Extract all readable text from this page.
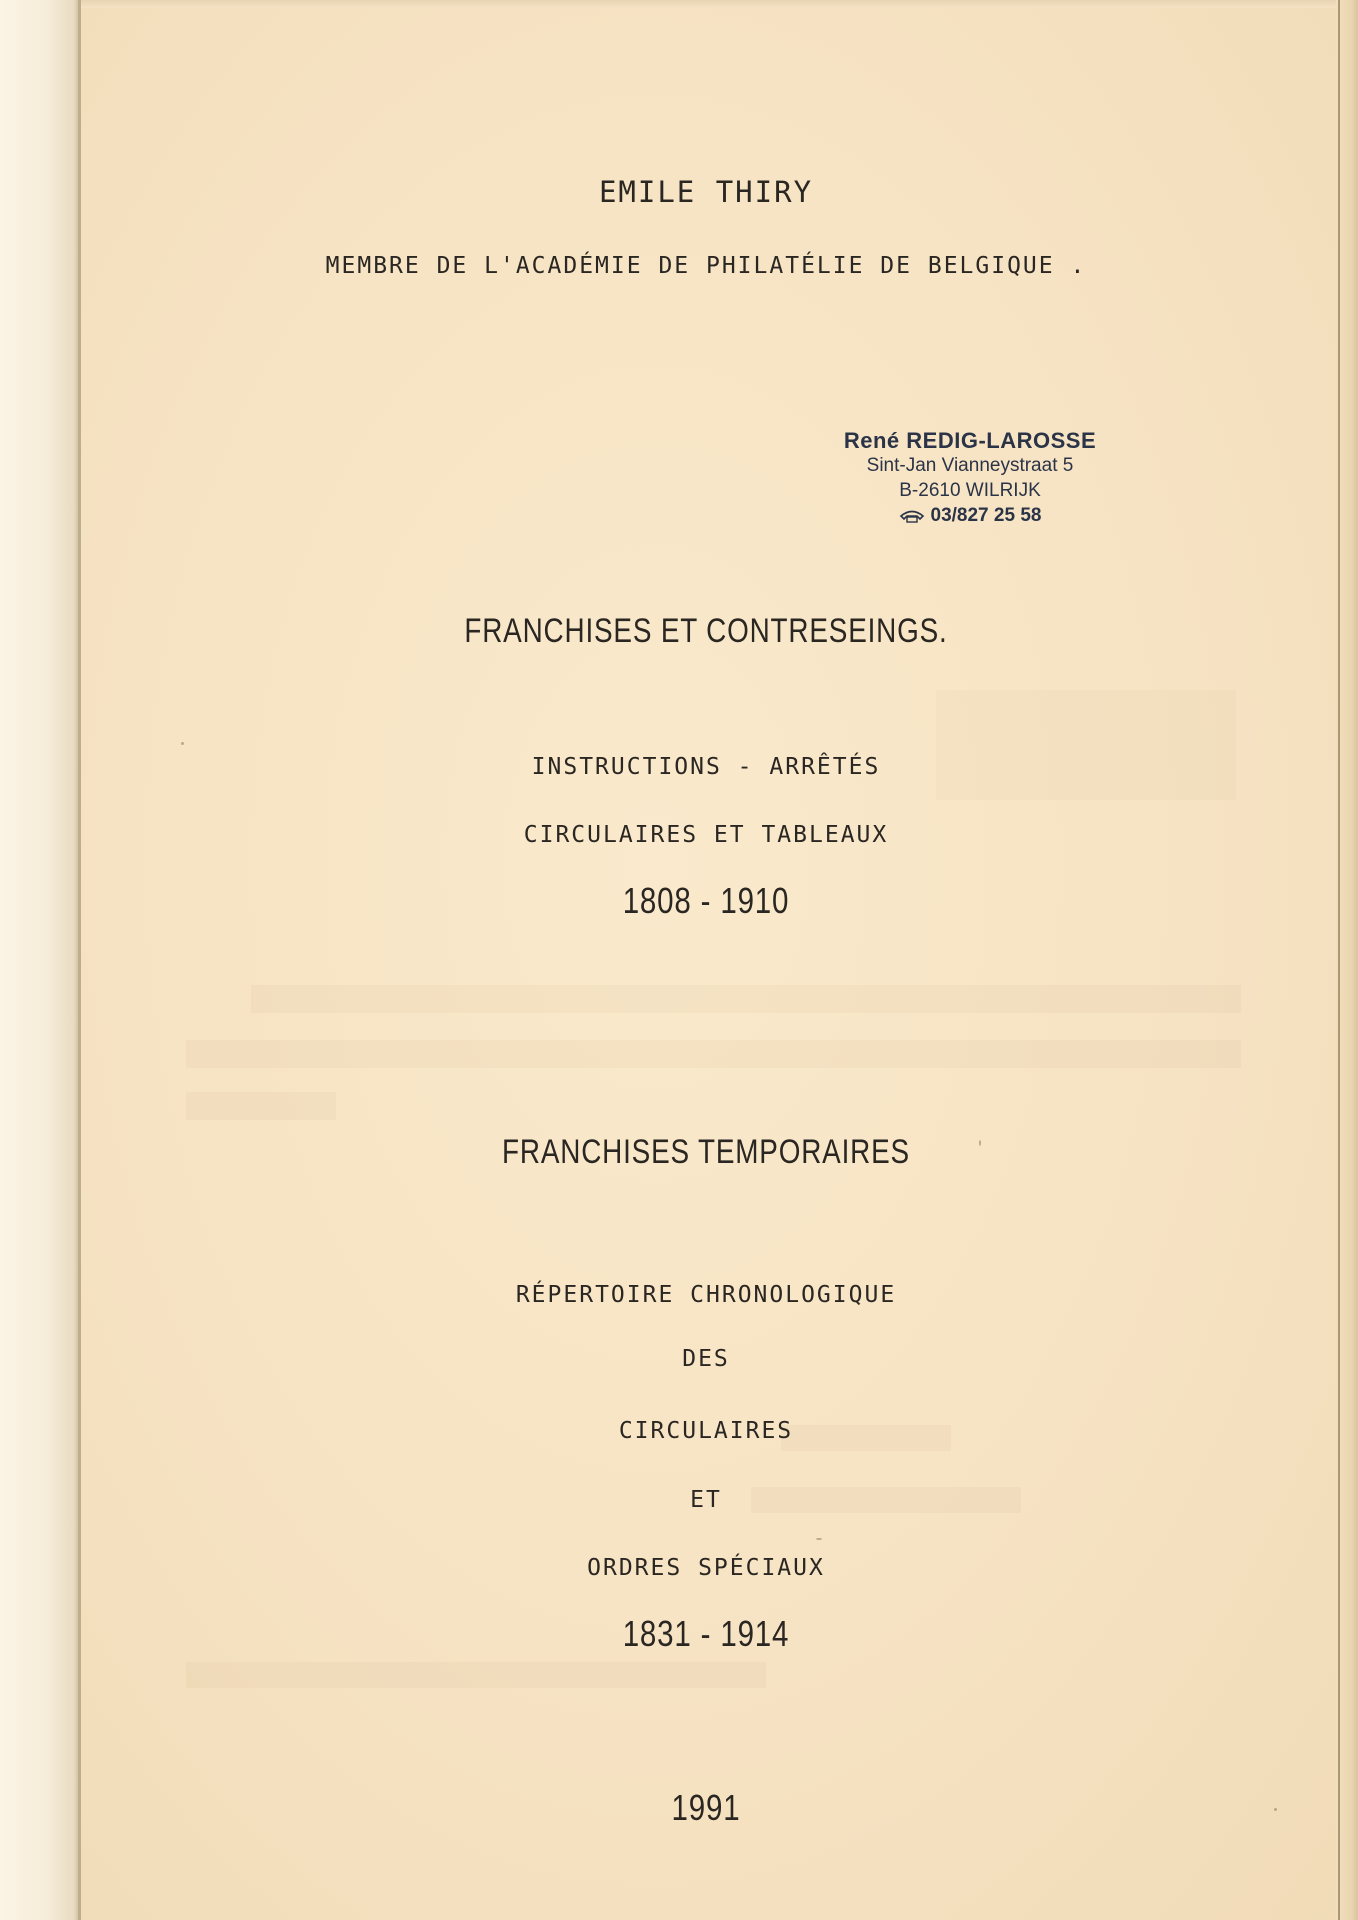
EMILE THIRY
MEMBRE DE L'ACADÉMIE DE PHILATÉLIE DE BELGIQUE .
René REDIG-LAROSSE
Sint-Jan Vianneystraat 5
B-2610 WILRIJK
03/827 25 58
FRANCHISES ET CONTRESEINGS.
INSTRUCTIONS - ARRÊTÉS
CIRCULAIRES ET TABLEAUX
1808 - 1910
FRANCHISES TEMPORAIRES
RÉPERTOIRE CHRONOLOGIQUE
DES
CIRCULAIRES
ET
ORDRES SPÉCIAUX
1831 - 1914
1991
